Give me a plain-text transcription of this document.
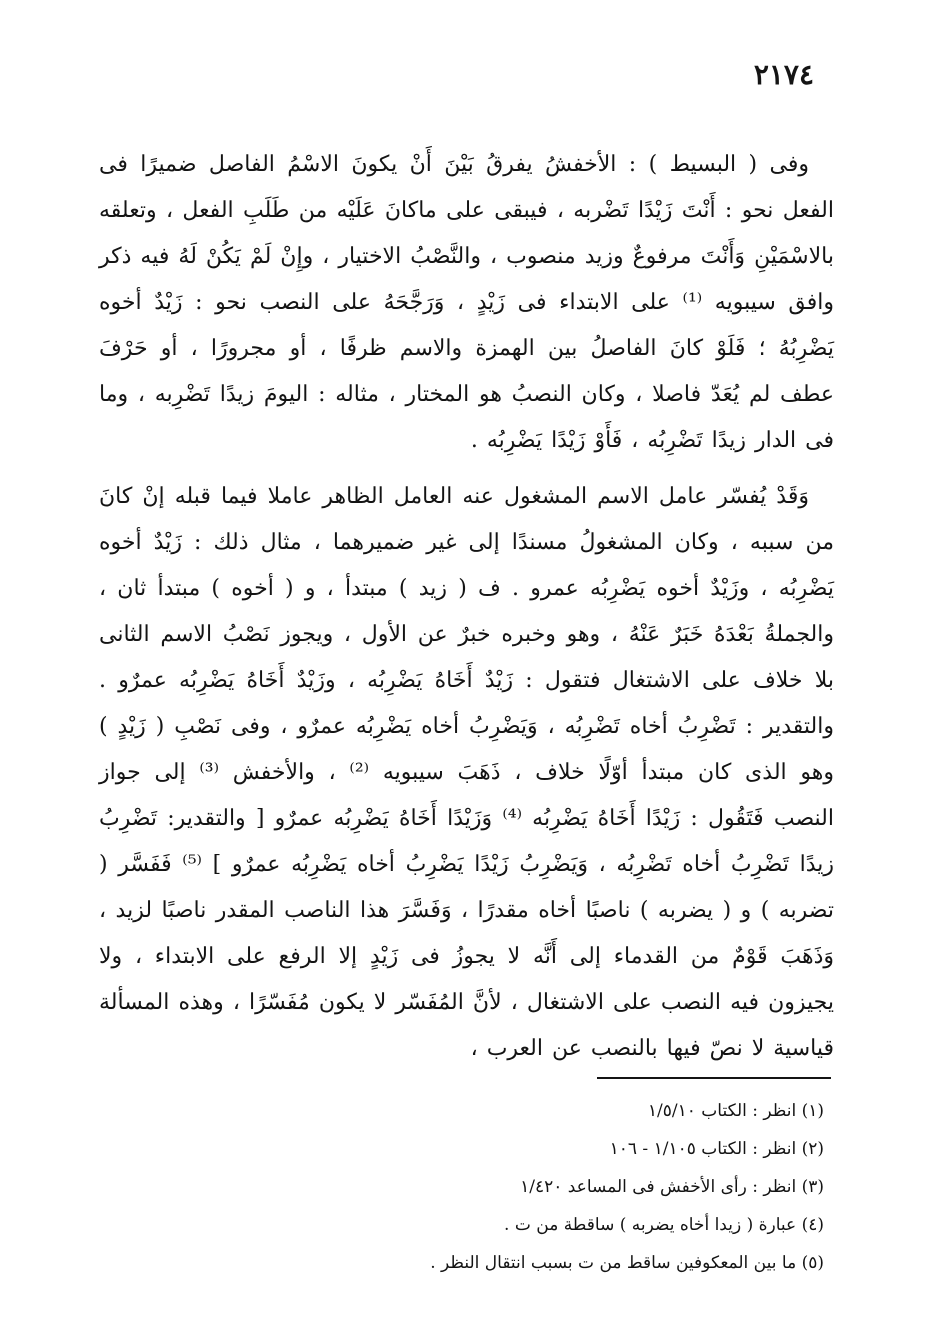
٢١٧٤

وفى ( البسيط ) : الأخفشُ يفرقُ بَيْنَ أَنْ يكونَ الاسْمُ الفاصل ضميرًا فى الفعل نحو : أَنْتَ زَيْدًا تَضْربه ، فيبقى على ماكانَ عَلَيْه من طَلَبِ الفعل ، وتعلقه بالاسْمَيْنِ وَأَنْتَ مرفوعٌ وزيد منصوب ، والنَّصْبُ الاختيار ، وإِنْ لَمْ يَكُنْ لَهُ فيه ذكر وافق سيبويه ⁽¹⁾ على الابتداء فى زَيْدٍ ، وَرَجَّحَهُ على النصب نحو : زَيْدٌ أخوه يَضْرِبُهُ ؛ فَلَوْ كانَ الفاصلُ بين الهمزة والاسم ظرفًا ، أو مجرورًا ، أو حَرْفَ عطف لم يُعَدّ فاصلا ، وكان النصبُ هو المختار ، مثاله : اليومَ زيدًا تَضْرِبه ، وما فى الدار زيدًا تَضْرِبُه ، فَأَوْ زَيْدًا يَضْرِبُه .

وَقَدْ يُفسّر عامل الاسم المشغول عنه العامل الظاهر عاملا فيما قبله إنْ كانَ من سببه ، وكان المشغولُ مسندًا إلى غير ضميرهما ، مثال ذلك : زَيْدٌ أخوه يَضْرِبُه ، وزَيْدٌ أخوه يَضْرِبُه عمرو . ف ( زيد ) مبتدأ ، و ( أخوه ) مبتدأ ثان ، والجملةُ بَعْدَهُ خَبَرٌ عَنْهُ ، وهو وخبره خبرٌ عن الأول ، ويجوز نَصْبُ الاسم الثانى بلا خلاف على الاشتغال فتقول : زَيْدٌ أَخَاهُ يَضْرِبُه ، وزَيْدٌ أَخَاهُ يَضْرِبُه عمرٌو . والتقدير : تَضْرِبُ أخاه تَضْرِبُه ، وَيَضْرِبُ أخاه يَضْرِبُه عمرٌو ، وفى نَصْبِ ( زَيْدٍ ) وهو الذى كان مبتدأ أوّلًا خلاف ، ذَهَبَ سيبويه ⁽²⁾ ، والأخفش ⁽³⁾ إلى جواز النصب فَتَقُول : زَيْدًا أَخَاهُ يَضْرِبُه ⁽⁴⁾ وَزَيْدًا أَخَاهُ يَضْرِبُه عمرٌو [ والتقدير: تَضْرِبُ زيدًا تَضْرِبُ أخاه تَضْرِبُه ، وَيَضْرِبُ زَيْدًا يَضْرِبُ أخاه يَضْرِبُه عمرٌو ] ⁽⁵⁾ فَفَسَّر ( تضربه ) و ( يضربه ) ناصبًا أخاه مقدرًا ، وَفَسَّرَ هذا الناصب المقدر ناصبًا لزيد ، وَذَهَبَ قَوْمٌ من القدماء إلى أَنَّه لا يجوزُ فى زَيْدٍ إلا الرفع على الابتداء ، ولا يجيزون فيه النصب على الاشتغال ، لأنَّ المُفَسّر لا يكون مُفَسّرًا ، وهذه المسألة قياسية لا نصّ فيها بالنصب عن العرب ،

(١) انظر : الكتاب ١/٥/١٠
(٢) انظر : الكتاب ١/١٠٥ - ١٠٦
(٣) انظر : رأى الأخفش فى المساعد ١/٤٢٠
(٤) عبارة ( زيدا أخاه يضربه ) ساقطة من ت .
(٥) ما بين المعكوفين ساقط من ت بسبب انتقال النظر .
